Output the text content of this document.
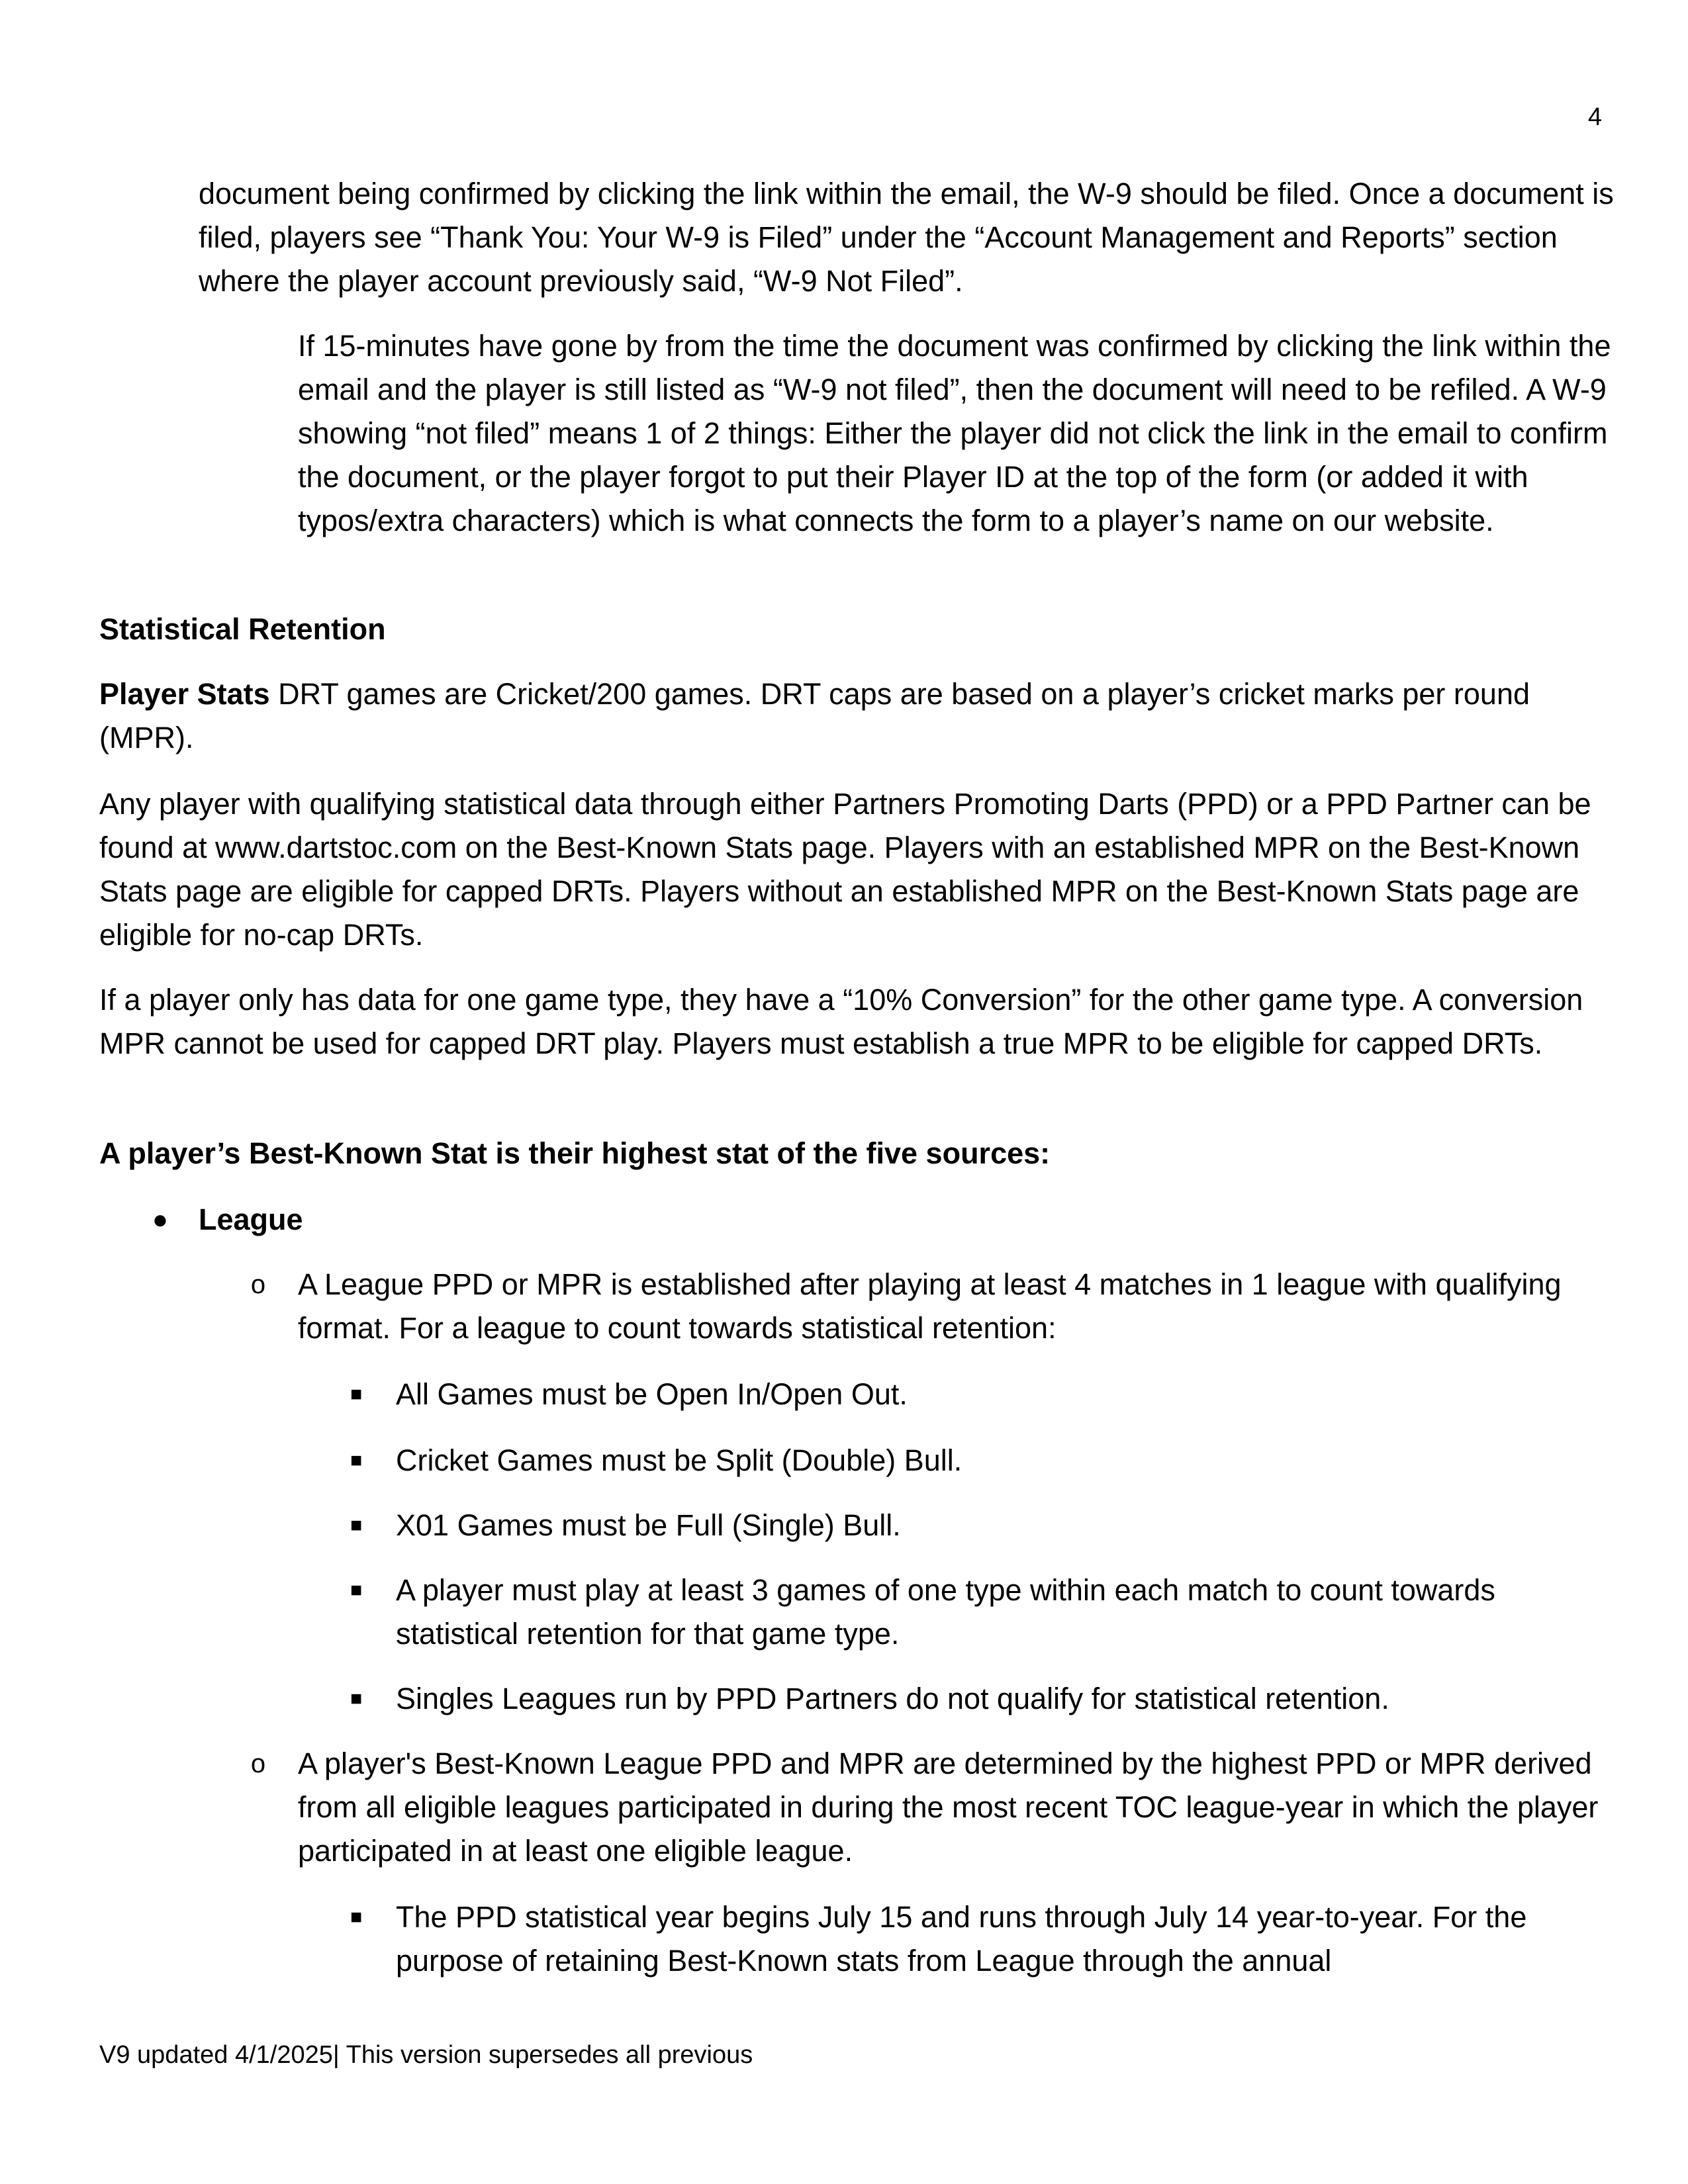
4

document being confirmed by clicking the link within the email, the W-9 should be filed. Once a document is filed, players see “Thank You: Your W-9 is Filed” under the “Account Management and Reports” section where the player account previously said, “W-9 Not Filed”.

If 15-minutes have gone by from the time the document was confirmed by clicking the link within the email and the player is still listed as “W-9 not filed”, then the document will need to be refiled. A W-9 showing “not filed” means 1 of 2 things: Either the player did not click the link in the email to confirm the document, or the player forgot to put their Player ID at the top of the form (or added it with typos/extra characters) which is what connects the form to a player’s name on our website.

Statistical Retention

Player Stats DRT games are Cricket/200 games. DRT caps are based on a player’s cricket marks per round (MPR).

Any player with qualifying statistical data through either Partners Promoting Darts (PPD) or a PPD Partner can be found at www.dartstoc.com on the Best-Known Stats page. Players with an established MPR on the Best-Known Stats page are eligible for capped DRTs. Players without an established MPR on the Best-Known Stats page are eligible for no-cap DRTs.

If a player only has data for one game type, they have a “10% Conversion” for the other game type. A conversion MPR cannot be used for capped DRT play. Players must establish a true MPR to be eligible for capped DRTs.

A player’s Best-Known Stat is their highest stat of the five sources:

● League
o A League PPD or MPR is established after playing at least 4 matches in 1 league with qualifying format. For a league to count towards statistical retention:

■ All Games must be Open In/Open Out.

■ Cricket Games must be Split (Double) Bull.

■ X01 Games must be Full (Single) Bull.

■ A player must play at least 3 games of one type within each match to count towards statistical retention for that game type.

■ Singles Leagues run by PPD Partners do not qualify for statistical retention.

o A player's Best-Known League PPD and MPR are determined by the highest PPD or MPR derived from all eligible leagues participated in during the most recent TOC league-year in which the player participated in at least one eligible league.

■ The PPD statistical year begins July 15 and runs through July 14 year-to-year. For the purpose of retaining Best-Known stats from League through the annual

V9 updated 4/1/2025| This version supersedes all previous
